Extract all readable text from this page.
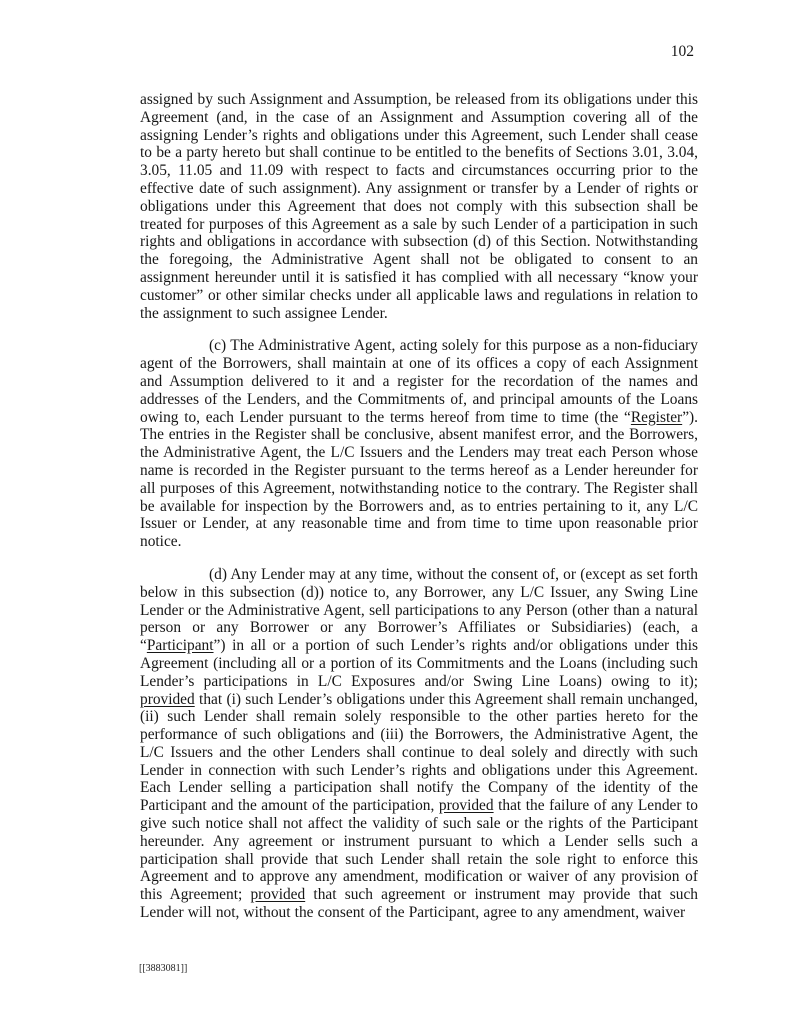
102

assigned by such Assignment and Assumption, be released from its obligations under this Agreement (and, in the case of an Assignment and Assumption covering all of the assigning Lender’s rights and obligations under this Agreement, such Lender shall cease to be a party hereto but shall continue to be entitled to the benefits of Sections 3.01, 3.04, 3.05, 11.05 and 11.09 with respect to facts and circumstances occurring prior to the effective date of such assignment). Any assignment or transfer by a Lender of rights or obligations under this Agreement that does not comply with this subsection shall be treated for purposes of this Agreement as a sale by such Lender of a participation in such rights and obligations in accordance with subsection (d) of this Section. Notwithstanding the foregoing, the Administrative Agent shall not be obligated to consent to an assignment hereunder until it is satisfied it has complied with all necessary “know your customer” or other similar checks under all applicable laws and regulations in relation to the assignment to such assignee Lender.

(c) The Administrative Agent, acting solely for this purpose as a non-fiduciary agent of the Borrowers, shall maintain at one of its offices a copy of each Assignment and Assumption delivered to it and a register for the recordation of the names and addresses of the Lenders, and the Commitments of, and principal amounts of the Loans owing to, each Lender pursuant to the terms hereof from time to time (the “Register”). The entries in the Register shall be conclusive, absent manifest error, and the Borrowers, the Administrative Agent, the L/C Issuers and the Lenders may treat each Person whose name is recorded in the Register pursuant to the terms hereof as a Lender hereunder for all purposes of this Agreement, notwithstanding notice to the contrary. The Register shall be available for inspection by the Borrowers and, as to entries pertaining to it, any L/C Issuer or Lender, at any reasonable time and from time to time upon reasonable prior notice.

(d) Any Lender may at any time, without the consent of, or (except as set forth below in this subsection (d)) notice to, any Borrower, any L/C Issuer, any Swing Line Lender or the Administrative Agent, sell participations to any Person (other than a natural person or any Borrower or any Borrower’s Affiliates or Subsidiaries) (each, a “Participant”) in all or a portion of such Lender’s rights and/or obligations under this Agreement (including all or a portion of its Commitments and the Loans (including such Lender’s participations in L/C Exposures and/or Swing Line Loans) owing to it); provided that (i) such Lender’s obligations under this Agreement shall remain unchanged, (ii) such Lender shall remain solely responsible to the other parties hereto for the performance of such obligations and (iii) the Borrowers, the Administrative Agent, the L/C Issuers and the other Lenders shall continue to deal solely and directly with such Lender in connection with such Lender’s rights and obligations under this Agreement. Each Lender selling a participation shall notify the Company of the identity of the Participant and the amount of the participation, provided that the failure of any Lender to give such notice shall not affect the validity of such sale or the rights of the Participant hereunder. Any agreement or instrument pursuant to which a Lender sells such a participation shall provide that such Lender shall retain the sole right to enforce this Agreement and to approve any amendment, modification or waiver of any provision of this Agreement; provided that such agreement or instrument may provide that such Lender will not, without the consent of the Participant, agree to any amendment, waiver

[[3883081]]
